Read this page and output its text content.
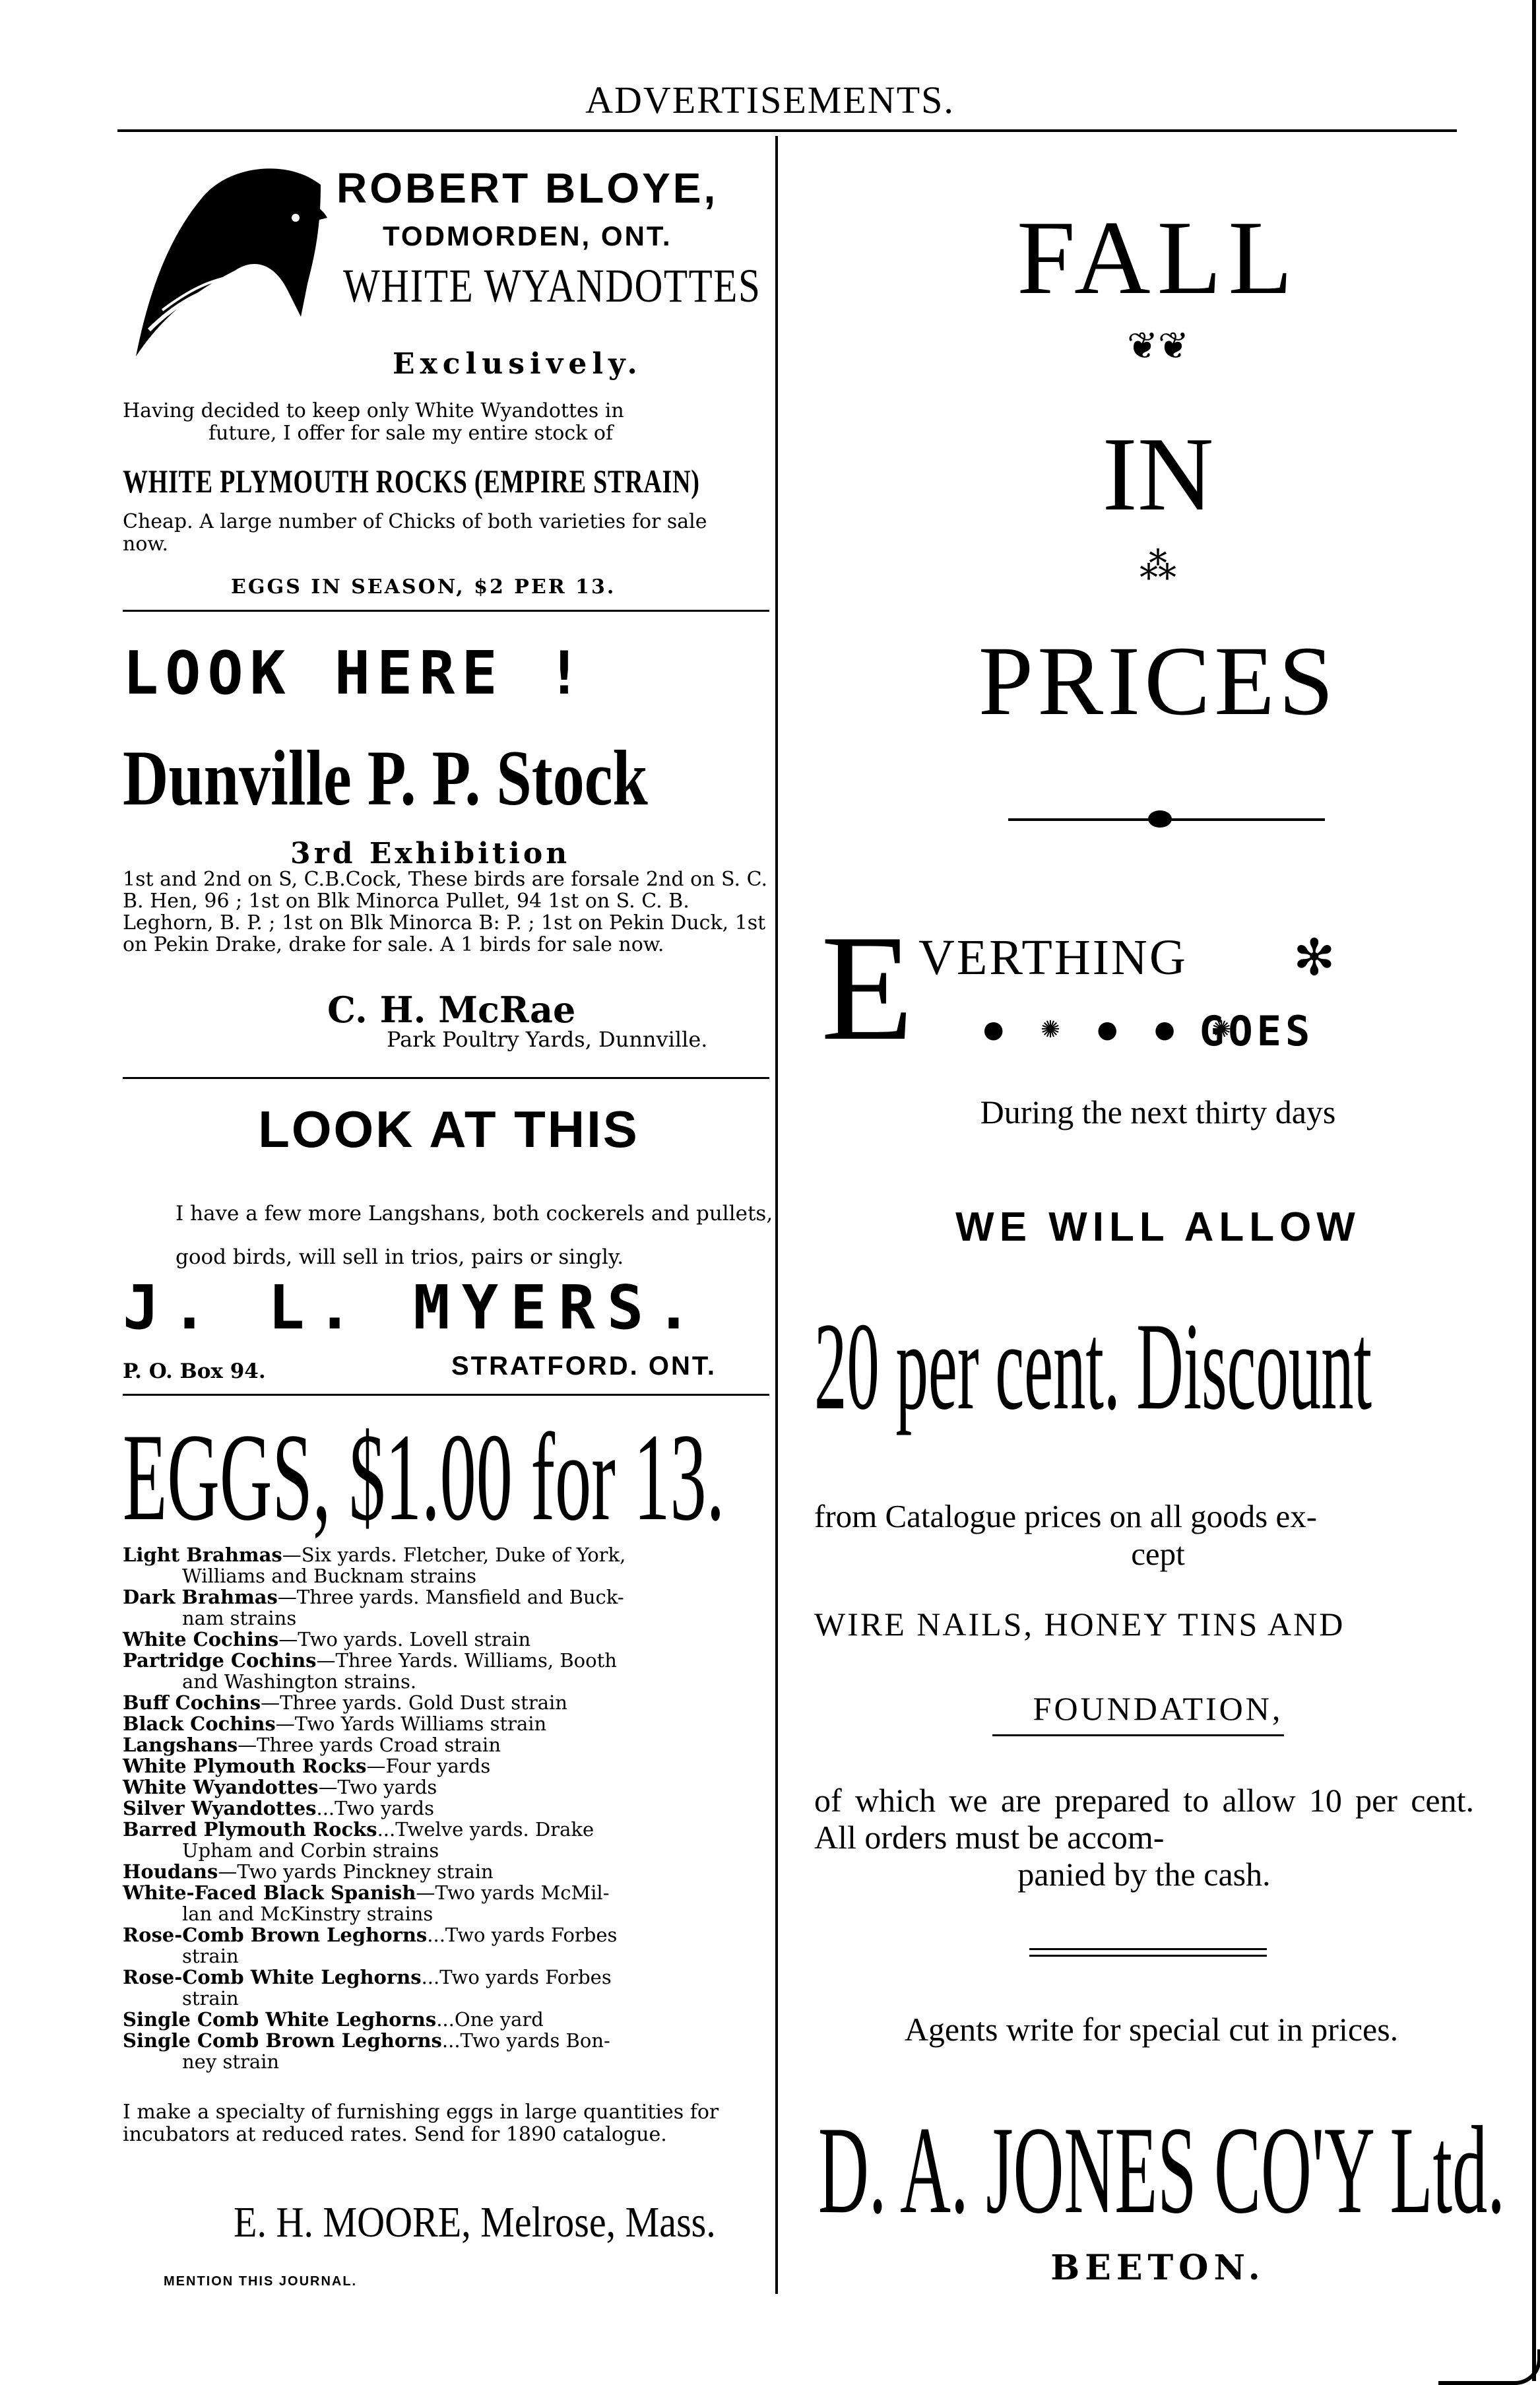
ADVERTISEMENTS.
ROBERT BLOYE,
TODMORDEN, ONT.
WHITE WYANDOTTES
Exclusively.
Having decided to keep only White Wyandottes in
future, I offer for sale my entire stock of
WHITE PLYMOUTH ROCKS (EMPIRE STRAIN)
Cheap. A large number of Chicks of both varieties for sale now.
EGGS IN SEASON, $2 PER 13.
LOOK HERE !
Dunville P. P. Stock
3rd Exhibition
1st and 2nd on S, C.B.Cock, These birds are forsale 2nd on S. C. B. Hen, 96 ; 1st on Blk Minorca Pullet, 94 1st on S. C. B. Leghorn, B. P. ; 1st on Blk Minorca B: P. ; 1st on Pekin Duck, 1st on Pekin Drake, drake for sale. A 1 birds for sale now.
C. H. McRae
Park Poultry Yards, Dunnville.
LOOK AT THIS
I have a few more Langshans, both cockerels and pullets, good birds, will sell in trios, pairs or singly.
J. L. MYERS.
P. O. Box 94.	STRATFORD. ONT.
EGGS, $1.00 for 13.
Light Brahmas—Six yards. Fletcher, Duke of York,
Williams and Bucknam strains
Dark Brahmas—Three yards. Mansfield and Buck-
nam strains
White Cochins—Two yards. Lovell strain
Partridge Cochins—Three Yards. Williams, Booth
and Washington strains.
Buff Cochins—Three yards. Gold Dust strain
Black Cochins—Two Yards Williams strain
Langshans—Three yards Croad strain
White Plymouth Rocks—Four yards
White Wyandottes—Two yards
Silver Wyandottes...Two yards
Barred Plymouth Rocks...Twelve yards. Drake
Upham and Corbin strains
Houdans—Two yards Pinckney strain
White-Faced Black Spanish—Two yards McMil-
lan and McKinstry strains
Rose-Comb Brown Leghorns...Two yards Forbes
strain
Rose-Comb White Leghorns...Two yards Forbes
strain
Single Comb White Leghorns...One yard
Single Comb Brown Leghorns...Two yards Bon-
ney strain
I make a specialty of furnishing eggs in large quantities for incubators at reduced rates. Send for 1890 catalogue.
E. H. MOORE, Melrose, Mass.
MENTION THIS JOURNAL.
FALL
❦❦
IN
⁂
PRICES
E VERTHING ✻
● ✺ ● ● ✺
GOES
During the next thirty days
WE WILL ALLOW
20 per cent. Discount
from Catalogue prices on all goods ex-
cept
WIRE NAILS, HONEY TINS AND
FOUNDATION,
of which we are prepared to allow 10 per cent. All orders must be accom-
panied by the cash.
Agents write for special cut in prices.
D. A. JONES CO'Y Ltd.
BEETON.
